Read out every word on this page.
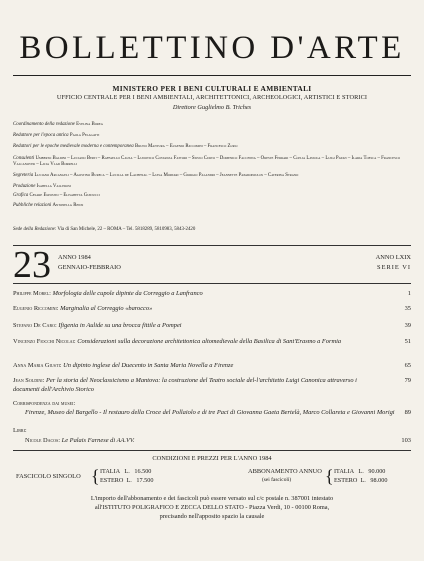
BOLLETTINO D'ARTE
MINISTERO PER I BENI CULTURALI E AMBIENTALI
UFFICIO CENTRALE PER I BENI AMBIENTALI, ARCHITETTONICI, ARCHEOLOGICI, ARTISTICI E STORICI
Direttore Guglielmo B. Triches
Coordinamento della redazione Evelina Borea
Redattore per l'epoca antica Paola Pelagatti
Redattori per le epoche medievale moderna e contemporanea Bruno Mantura – Eugenio Riccomini – Francesco Zurli
Consulenti Umberto Baldini – Luciano Berti – Raffaello Causa – Ludovico Costanza Fattori – Silvio Curto – Domenico Faccenna – Oreste Ferrari – Clelia Laviola – Luigi Payan – Ilaria Toesca – Francesco Valcanover – Licia Vlad Borrelli
Segreteria Luciano Arcangeli – Agostino Bureca – Lucilla de Lachenal – Luisa Mortari – Giorgio Palandri – Jeannette Papadopoulos – Caterina Strano
Produzione Isabella Vallerosi
Grafica Cesare Esposito – Elisabetta Guiducci
Pubbliche relazioni Antonella Renzi
Sede della Redazione: Via di San Michele, 22 – ROMA – Tel. 5818289, 5810983, 5843-2420
23 ANNO 1984
GENNAIO-FEBBRAIO
ANNO LXIX
SERIE VI
Philippe Morel: Morfologia delle cupole dipinte da Correggio a Lanfranco	1
Eugenio Riccomini: Marginalia al Correggio «barocco»	35
Stefano De Caro: Ifigenia in Aulide su una brocca fittile a Pompei	39
Vincenzo Fiocchi Nicolai: Considerazioni sulla decorazione architettonica altomedievale della Basilica di Sant'Erasmo a Formia	51
Anna Maria Giusti: Un dipinto inglese del Duecento in Santa Maria Novella a Firenze	65
Jean Soldini: Per la storia del Neoclassicismo a Mantova: la costruzione del Teatro sociale del-l'architetto Luigi Canonica attraverso i documenti dell'Archivio Storico
79
Corrispondenza dai musei:
Firenze, Museo del Bargello - Il restauro della Croce del Pollaiolo e di tre Paci di Giovanna Gaeta Bertelà, Marco Collareta e Giovanni Morigi	89
Libri:
Nicole Dacos: Le Palais Farnese di AA.VV.	103
CONDIZIONI E PREZZI PER L'ANNO 1984
FASCICOLO SINGOLO { ITALIA   L.   16.500
ESTERO  L.   17.500
ABBONAMENTO ANNUO
(sei fascicoli) { ITALIA   L.   90.000
ESTERO  L.   98.000
L'importo dell'abbonamento e dei fascicoli può essere versato sul c/c postale n. 387001 intestato
all'ISTITUTO POLIGRAFICO E ZECCA DELLO STATO - Piazza Verdi, 10 - 00100 Roma,
precisando nell'apposito spazio la causale
